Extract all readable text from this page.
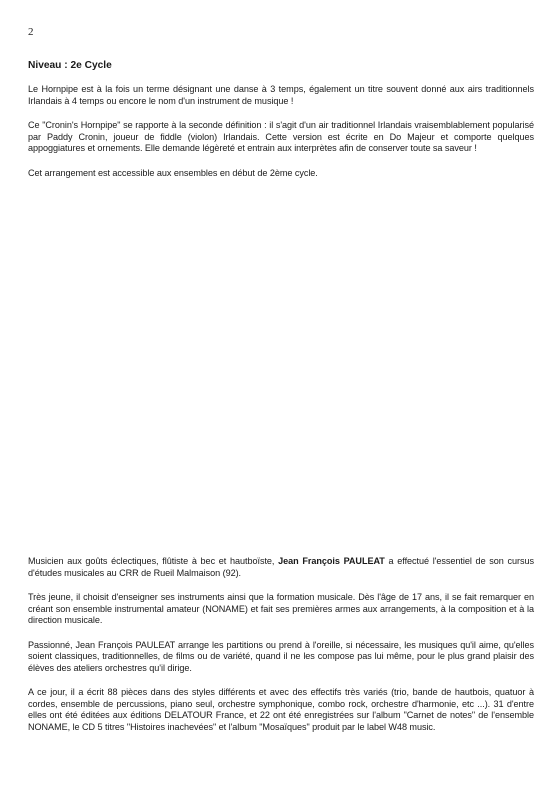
2
Niveau : 2e Cycle

Le Hornpipe est à la fois un terme désignant une danse à 3 temps, également un titre souvent donné aux airs traditionnels Irlandais à 4 temps ou encore le nom d'un instrument de musique !

Ce "Cronin's Hornpipe" se rapporte à la seconde définition : il s'agit d'un air traditionnel Irlandais vraisemblablement popularisé par Paddy Cronin, joueur de fiddle (violon) Irlandais. Cette version est écrite en Do Majeur et comporte quelques appoggiatures et ornements. Elle demande légèreté et entrain aux interprètes afin de conserver toute sa saveur !

Cet arrangement est accessible aux ensembles en début de 2ème cycle.

Musicien aux goûts éclectiques, flûtiste à bec et hautboïste, Jean François PAULEAT a effectué l'essentiel de son cursus d'études musicales au CRR de Rueil Malmaison (92).

Très jeune, il choisit d'enseigner ses instruments ainsi que la formation musicale. Dès l'âge de 17 ans, il se fait remarquer en créant son ensemble instrumental amateur (NONAME) et fait ses premières armes aux arrangements, à la composition et à la direction musicale.

Passionné, Jean François PAULEAT arrange les partitions ou prend à l'oreille, si nécessaire, les musiques qu'il aime, qu'elles soient classiques, traditionnelles, de films ou de variété, quand il ne les compose pas lui même, pour le plus grand plaisir des élèves des ateliers orchestres qu'il dirige.

A ce jour, il a écrit 88 pièces dans des styles différents et avec des effectifs très variés (trio, bande de hautbois, quatuor à cordes, ensemble de percussions, piano seul, orchestre symphonique, combo rock, orchestre d'harmonie, etc ...). 31 d'entre elles ont été éditées aux éditions DELATOUR France, et 22 ont été enregistrées sur l'album "Carnet de notes" de l'ensemble NONAME, le CD 5 titres "Histoires inachevées" et l'album "Mosaïques" produit par le label W48 music.
